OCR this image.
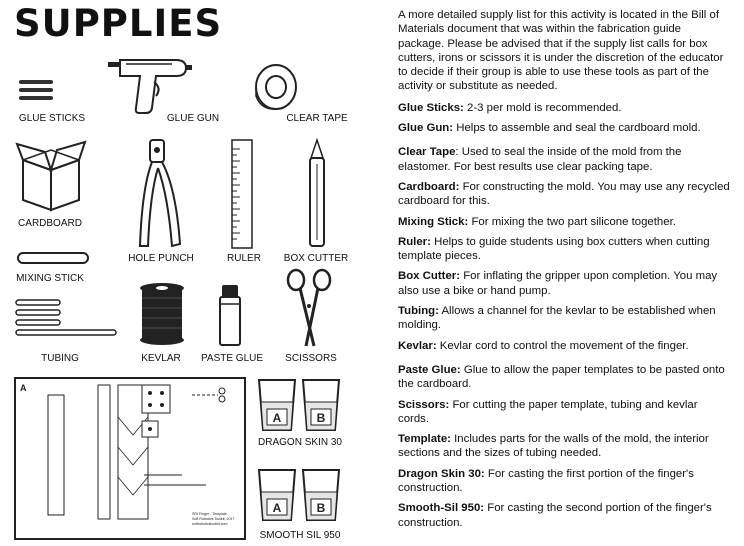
SUPPLIES
GLUE STICKS	GLUE GUN	CLEAR TAPE
CARDBOARD
MIXING STICK
HOLE PUNCH	RULER BOX CUTTER
TUBING	KEVLAR PASTE GLUE SCISSORS
A
SRI Finger - Template
Soft Robotics Toolkit, 2017
softroboticstoolkit.com
A	B
DRAGON SKIN 30
A	B
SMOOTH SIL 950

A more detailed supply list for this activity is located in the Bill of Materials document that was within the fabrication guide package. Please be advised that if the supply list calls for box cutters, irons or scissors it is under the discretion of the educator to decide if their group is able to use these tools as part of the activity or substitute as needed.

Glue Sticks: 2-3 per mold is recommended.

Glue Gun: Helps to assemble and seal the cardboard mold.

Clear Tape: Used to seal the inside of the mold from the elastomer. For best results use clear packing tape.

Cardboard: For constructing the mold. You may use any recycled cardboard for this.

Mixing Stick: For mixing the two part silicone together.

Ruler: Helps to guide students using box cutters when cutting template pieces.

Box Cutter: For inflating the gripper upon completion. You may also use a bike or hand pump.

Tubing: Allows a channel for the kevlar to be established when molding.

Kevlar: Kevlar cord to control the movement of the finger.

Paste Glue: Glue to allow the paper templates to be pasted onto the cardboard.

Scissors: For cutting the paper template, tubing and kevlar cords.

Template: Includes parts for the walls of the mold, the interior sections and the sizes of tubing needed.

Dragon Skin 30: For casting the first portion of the finger's construction.

Smooth-Sil 950: For casting the second portion of the finger's construction.
